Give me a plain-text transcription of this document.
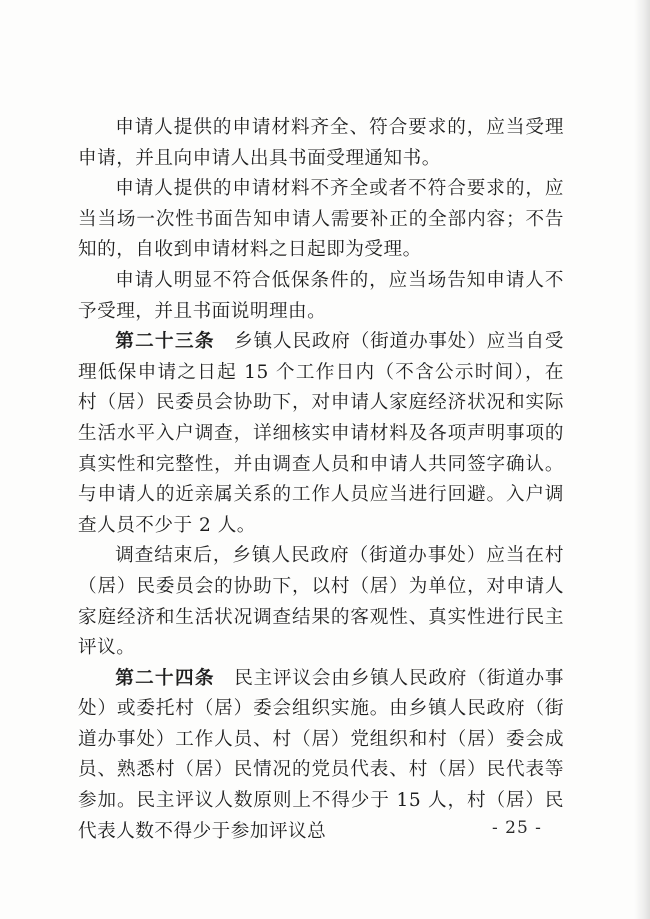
申请人提供的申请材料齐全、符合要求的，应当受理申请，并且向申请人出具书面受理通知书。

申请人提供的申请材料不齐全或者不符合要求的，应当当场一次性书面告知申请人需要补正的全部内容；不告知的，自收到申请材料之日起即为受理。

申请人明显不符合低保条件的，应当场告知申请人不予受理，并且书面说明理由。

第二十三条　乡镇人民政府（街道办事处）应当自受理低保申请之日起 15 个工作日内（不含公示时间），在村（居）民委员会协助下，对申请人家庭经济状况和实际生活水平入户调查，详细核实申请材料及各项声明事项的真实性和完整性，并由调查人员和申请人共同签字确认。与申请人的近亲属关系的工作人员应当进行回避。入户调查人员不少于 2 人。

调查结束后，乡镇人民政府（街道办事处）应当在村（居）民委员会的协助下，以村（居）为单位，对申请人家庭经济和生活状况调查结果的客观性、真实性进行民主评议。

第二十四条　民主评议会由乡镇人民政府（街道办事处）或委托村（居）委会组织实施。由乡镇人民政府（街道办事处）工作人员、村（居）党组织和村（居）委会成员、熟悉村（居）民情况的党员代表、村（居）民代表等参加。民主评议人数原则上不得少于 15 人，村（居）民代表人数不得少于参加评议总	- 25 -
